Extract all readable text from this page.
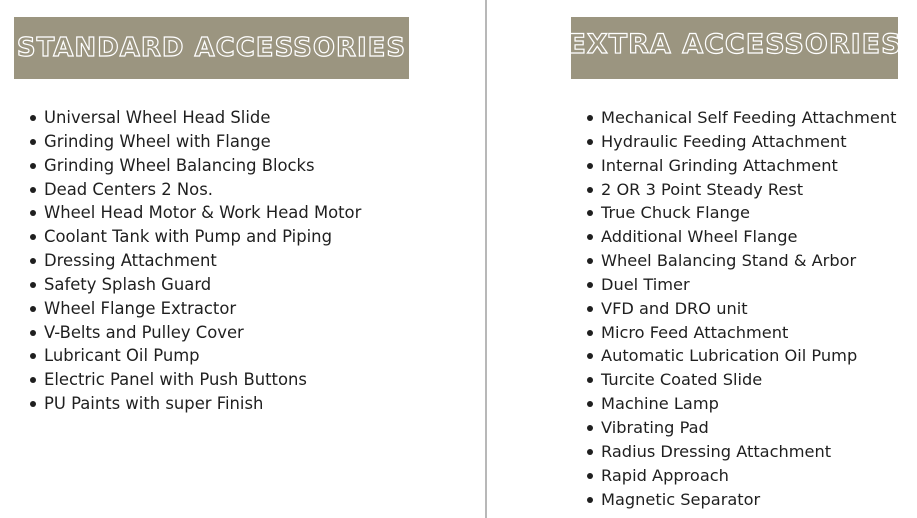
STANDARD ACCESSORIES	EXTRA ACCESSORIES
Universal Wheel Head Slide
Grinding Wheel with Flange
Grinding Wheel Balancing Blocks
Dead Centers 2 Nos.
Wheel Head Motor & Work Head Motor
Coolant Tank with Pump and Piping
Dressing Attachment
Safety Splash Guard
Wheel Flange Extractor
V-Belts and Pulley Cover
Lubricant Oil Pump
Electric Panel with Push Buttons
PU Paints with super Finish
Mechanical Self Feeding Attachment
Hydraulic Feeding Attachment
Internal Grinding Attachment
2 OR 3 Point Steady Rest
True Chuck Flange
Additional Wheel Flange
Wheel Balancing Stand & Arbor
Duel Timer
VFD and DRO unit
Micro Feed Attachment
Automatic Lubrication Oil Pump
Turcite Coated Slide
Machine Lamp
Vibrating Pad
Radius Dressing Attachment
Rapid Approach
Magnetic Separator
